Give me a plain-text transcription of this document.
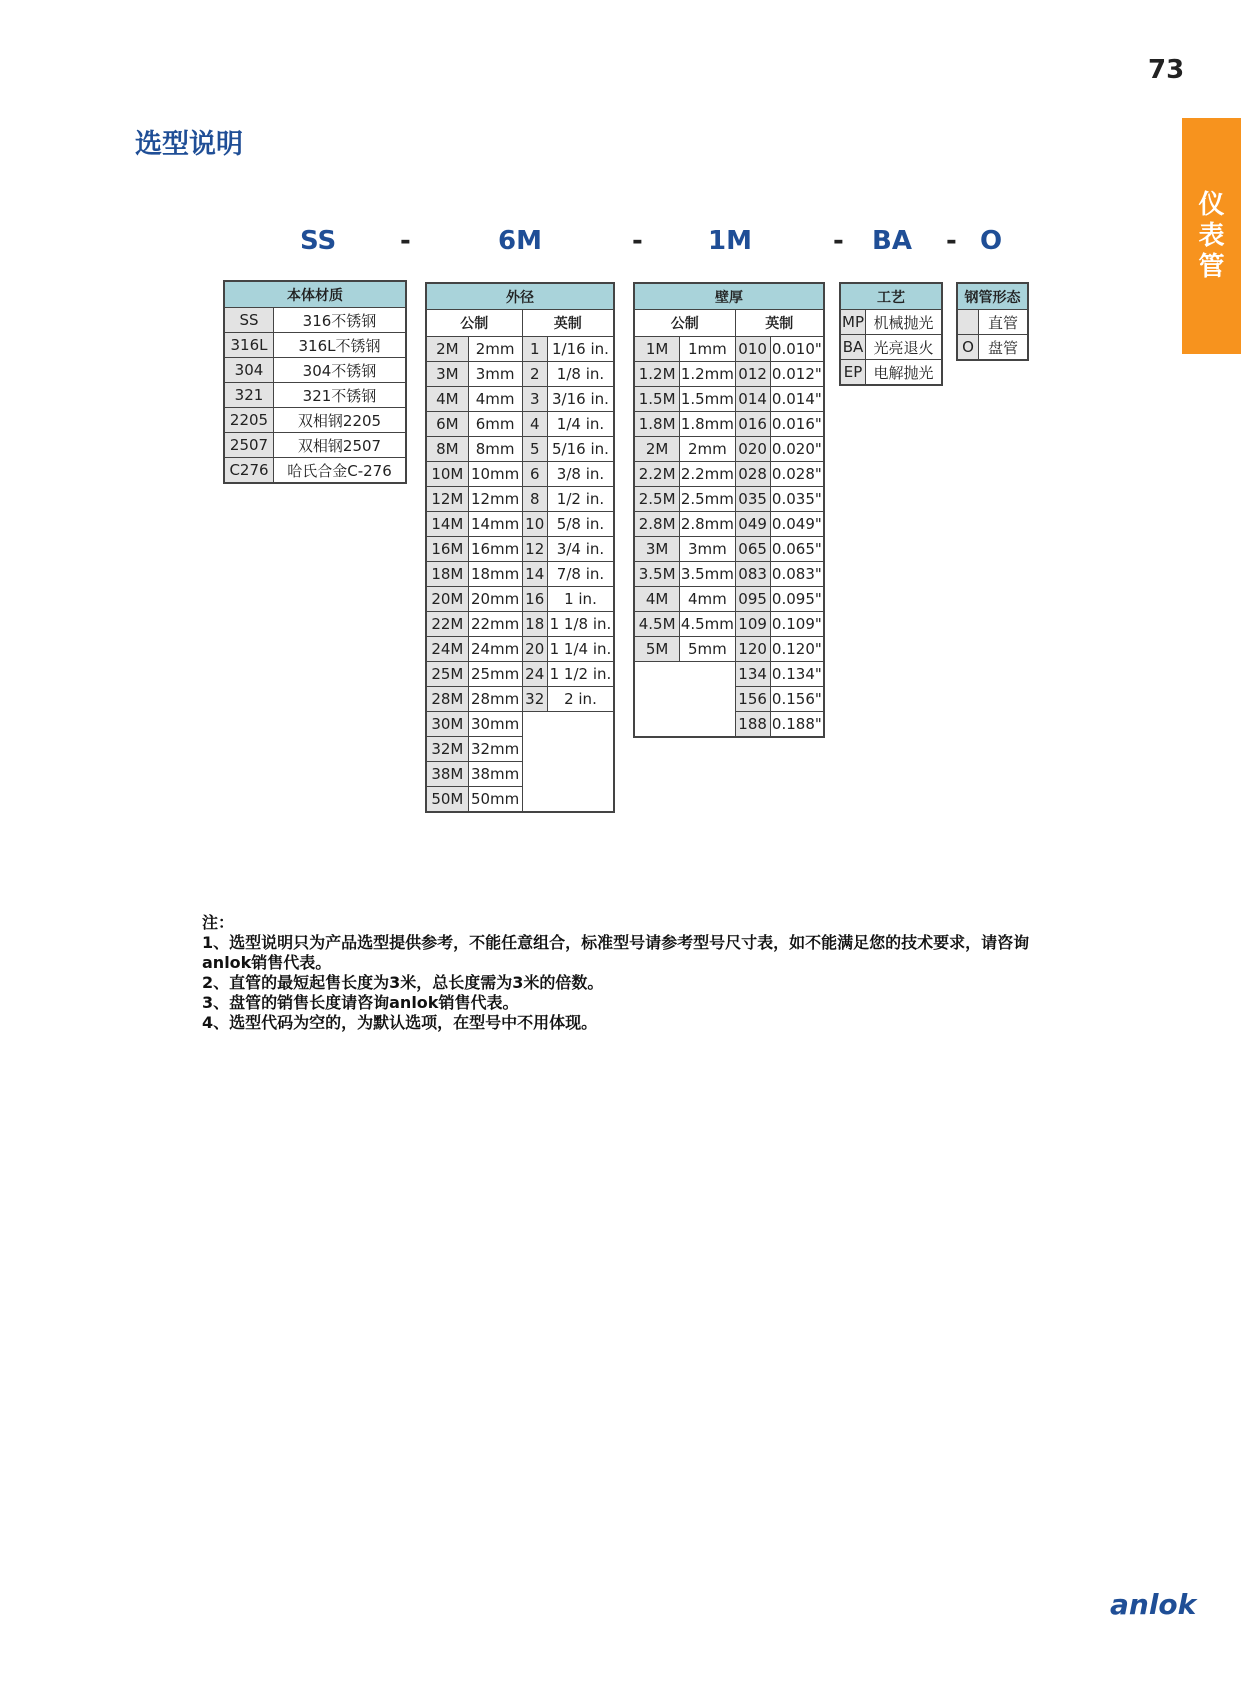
73
仪
表
管
选型说明
SS -	6M	-	1M	- BA - O
本体材质	
SS	316不锈钢
316L	316L不锈钢
304	304不锈钢
321	321不锈钢
2205	双相钢2205
2507	双相钢2507
C276	哈氏合金C-276
外径			
公制		英制	
2M	2mm	1	1/16 in.
3M	3mm	2	1/8 in.
4M	4mm	3	3/16 in.
6M	6mm	4	1/4 in.
8M	8mm	5	5/16 in.
10M	10mm	6	3/8 in.
12M	12mm	8	1/2 in.
14M	14mm	10	5/8 in.
16M	16mm	12	3/4 in.
18M	18mm	14	7/8 in.
20M	20mm	16	1 in.
22M	22mm	18	1 1/8 in.
24M	24mm	20	1 1/4 in.
25M	25mm	24	1 1/2 in.
28M	28mm	32	2 in.
30M	30mm		
32M	32mm		
38M	38mm		
50M	50mm		
壁厚			
公制		英制	
1M	1mm	010	0.010"
1.2M	1.2mm	012	0.012"
1.5M	1.5mm	014	0.014"
1.8M	1.8mm	016	0.016"
2M	2mm	020	0.020"
2.2M	2.2mm	028	0.028"
2.5M	2.5mm	035	0.035"
2.8M	2.8mm	049	0.049"
3M	3mm	065	0.065"
3.5M	3.5mm	083	0.083"
4M	4mm	095	0.095"
4.5M	4.5mm	109	0.109"
5M	5mm	120	0.120"
		134	0.134"
		156	0.156"
		188	0.188"
工艺	
MP	机械抛光
BA	光亮退火
EP	电解抛光
钢管形态	
	直管
O	盘管
注：
1、选型说明只为产品选型提供参考，不能任意组合，标准型号请参考型号尺寸表，如不能满足您的技术要求，请咨询
anlok销售代表。
2、直管的最短起售长度为3米，总长度需为3米的倍数。
3、盘管的销售长度请咨询anlok销售代表。
4、选型代码为空的，为默认选项，在型号中不用体现。
anlok
